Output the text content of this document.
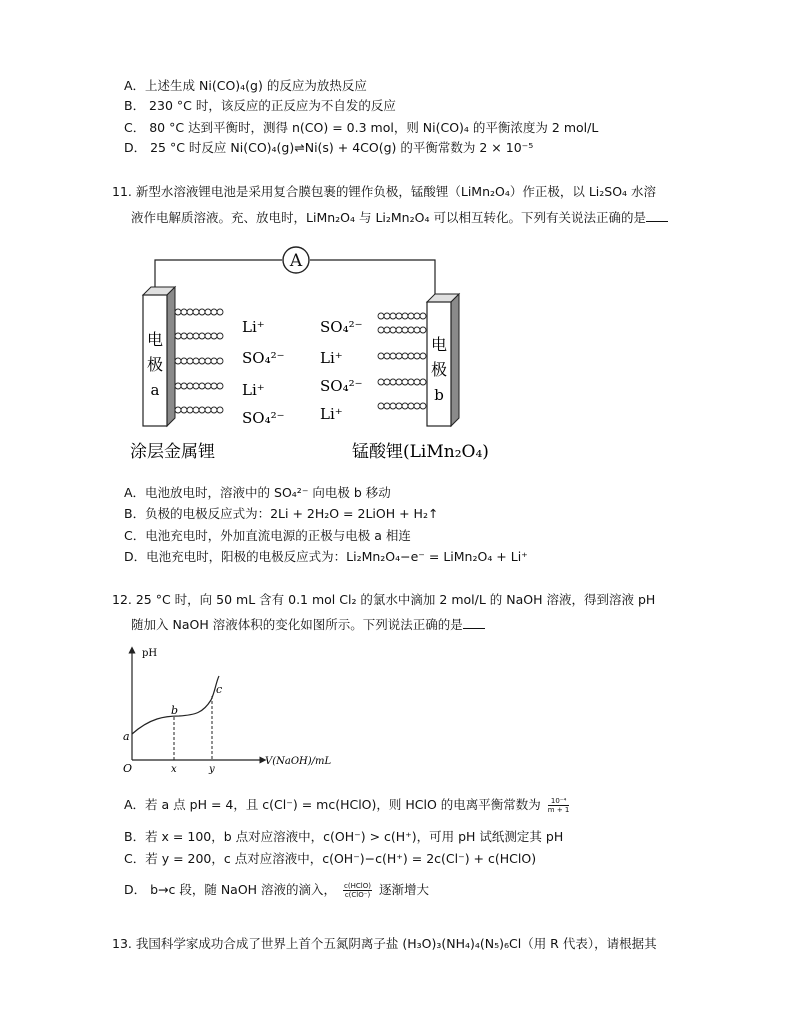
A．上述生成 Ni(CO)₄(g) 的反应为放热反应
B． 230 °C 时，该反应的正反应为不自发的反应
C． 80 °C 达到平衡时，测得 n(CO) = 0.3 mol，则 Ni(CO)₄ 的平衡浓度为 2 mol/L
D． 25 °C 时反应 Ni(CO)₄(g)⇌Ni(s) + 4CO(g) 的平衡常数为 2 × 10⁻⁵
11. 新型水溶液锂电池是采用复合膜包裹的锂作负极，锰酸锂（LiMn₂O₄）作正极，以 Li₂SO₄ 水溶
液作电解质溶液。充、放电时，LiMn₂O₄ 与 Li₂Mn₂O₄ 可以相互转化。下列有关说法正确的是
A
电
极
a
电
极
b
Li⁺
SO₄²⁻
Li⁺
SO₄²⁻
SO₄²⁻
Li⁺
SO₄²⁻
Li⁺
涂层金属锂	锰酸锂(LiMn₂O₄)
A．电池放电时，溶液中的 SO₄²⁻ 向电极 b 移动
B．负极的电极反应式为：2Li + 2H₂O = 2LiOH + H₂↑
C．电池充电时，外加直流电源的正极与电极 a 相连
D．电池充电时，阳极的电极反应式为：Li₂Mn₂O₄−e⁻ = LiMn₂O₄ + Li⁺
12. 25 °C 时，向 50 mL 含有 0.1 mol Cl₂ 的氯水中滴加 2 mol/L 的 NaOH 溶液，得到溶液 pH
随加入 NaOH 溶液体积的变化如图所示。下列说法正确的是
pH
V(NaOH)/mL
O
a
b
c
x	y
A．若 a 点 pH = 4，且 c(Cl⁻) = mc(HClO)，则 HClO 的电离平衡常数为 $\frac{\text{10⁻⁴}}{m + 1}$
B．若 x = 100，b 点对应溶液中，c(OH⁻) > c(H⁺)，可用 pH 试纸测定其 pH
C．若 y = 200，c 点对应溶液中，c(OH⁻)−c(H⁺) = 2c(Cl⁻) + c(HClO)
D． b→c 段，随 NaOH 溶液的滴入， $\frac{\text{c(HClO)}}{\text{c(ClO⁻)}}$ 逐渐增大
13. 我国科学家成功合成了世界上首个五氮阴离子盐 (H₃O)₃(NH₄)₄(N₅)₆Cl（用 R 代表），请根据其
